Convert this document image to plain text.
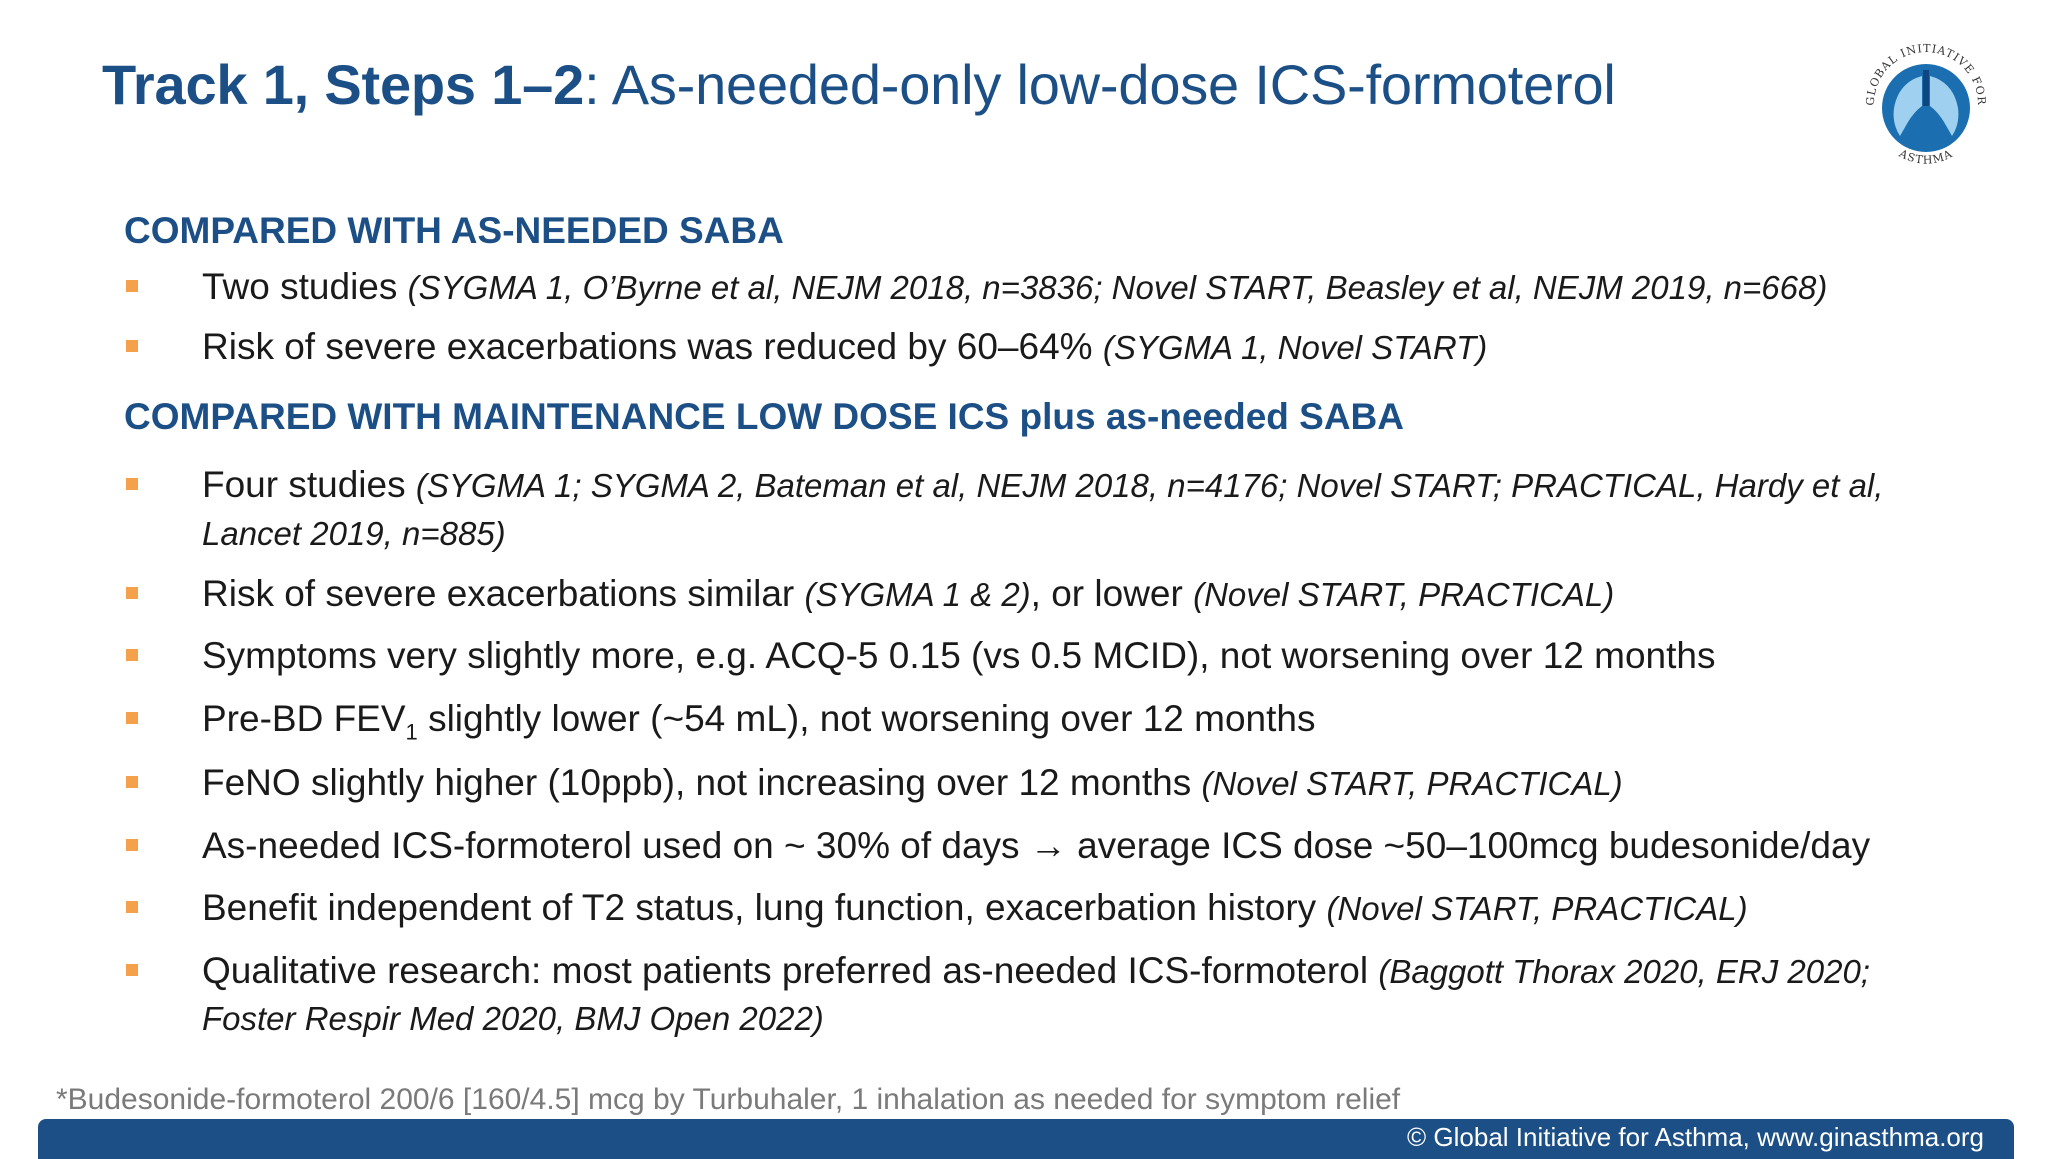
Track 1, Steps 1–2: As-needed-only low-dose ICS-formoterol	GLOBAL INITIATIVE FOR
ASTHMA
COMPARED WITH AS-NEEDED SABA
Two studies (SYGMA 1, O’Byrne et al, NEJM 2018, n=3836; Novel START, Beasley et al, NEJM 2019, n=668)
Risk of severe exacerbations was reduced by 60–64% (SYGMA 1, Novel START)
COMPARED WITH MAINTENANCE LOW DOSE ICS plus as-needed SABA
Four studies (SYGMA 1; SYGMA 2, Bateman et al, NEJM 2018, n=4176; Novel START; PRACTICAL, Hardy et al,
Lancet 2019, n=885)
Risk of severe exacerbations similar (SYGMA 1 & 2), or lower (Novel START, PRACTICAL)
Symptoms very slightly more, e.g. ACQ-5 0.15 (vs 0.5 MCID), not worsening over 12 months
Pre-BD $FEV_1$ slightly lower (~54 mL), not worsening over 12 months
FeNO slightly higher (10ppb), not increasing over 12 months (Novel START, PRACTICAL)
As-needed ICS-formoterol used on ~ 30% of days → average ICS dose ~50–100mcg budesonide/day
Benefit independent of T2 status, lung function, exacerbation history (Novel START, PRACTICAL)
Qualitative research: most patients preferred as-needed ICS-formoterol (Baggott Thorax 2020, ERJ 2020;
Foster Respir Med 2020, BMJ Open 2022)
*Budesonide-formoterol 200/6 [160/4.5] mcg by Turbuhaler, 1 inhalation as needed for symptom relief
© Global Initiative for Asthma, www.ginasthma.org
